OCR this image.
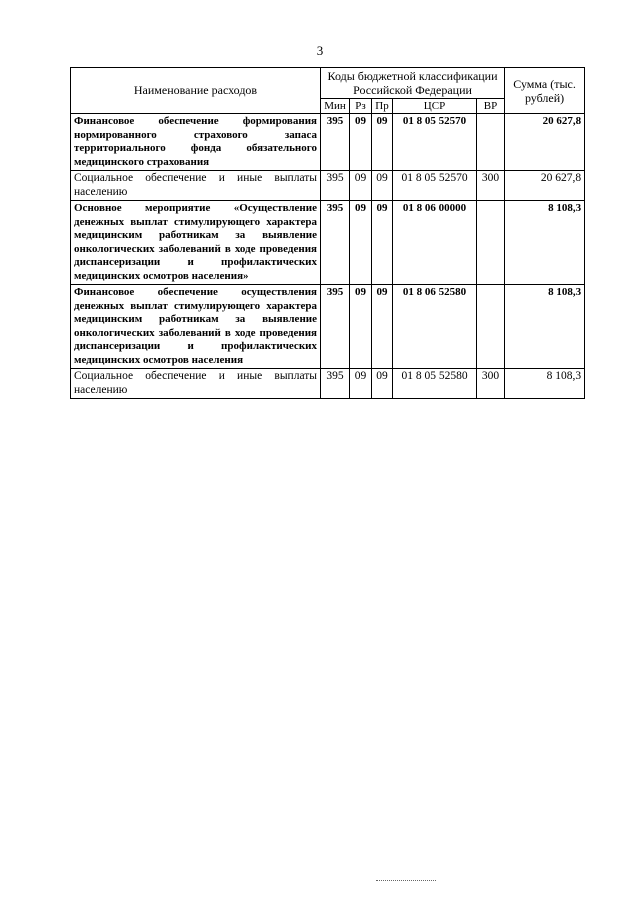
3
Наименование расходов	Коды бюджетной классификации Российской Федерации					Сумма (тыс. рублей)
	Мин	Рз	Пр	ЦСР	ВР	
Финансовое обеспечение формирования нормированного страхового запаса территориального фонда обязательного медицинского страхования	395	09	09	01 8 05 52570		20 627,8
Социальное обеспечение и иные выплаты населению	395	09	09	01 8 05 52570	300	20 627,8
Основное мероприятие «Осуществление денежных выплат стимулирующего характера медицинским работникам за выявление онкологических заболеваний в ходе проведения диспансеризации и профилактических медицинских осмотров населения»	395	09	09	01 8 06 00000		8 108,3
Финансовое обеспечение осуществления денежных выплат стимулирующего характера медицинским работникам за выявление онкологических заболеваний в ходе проведения диспансеризации и профилактических медицинских осмотров населения	395	09	09	01 8 06 52580		8 108,3
Социальное обеспечение и иные выплаты населению	395	09	09	01 8 05 52580	300	8 108,3
